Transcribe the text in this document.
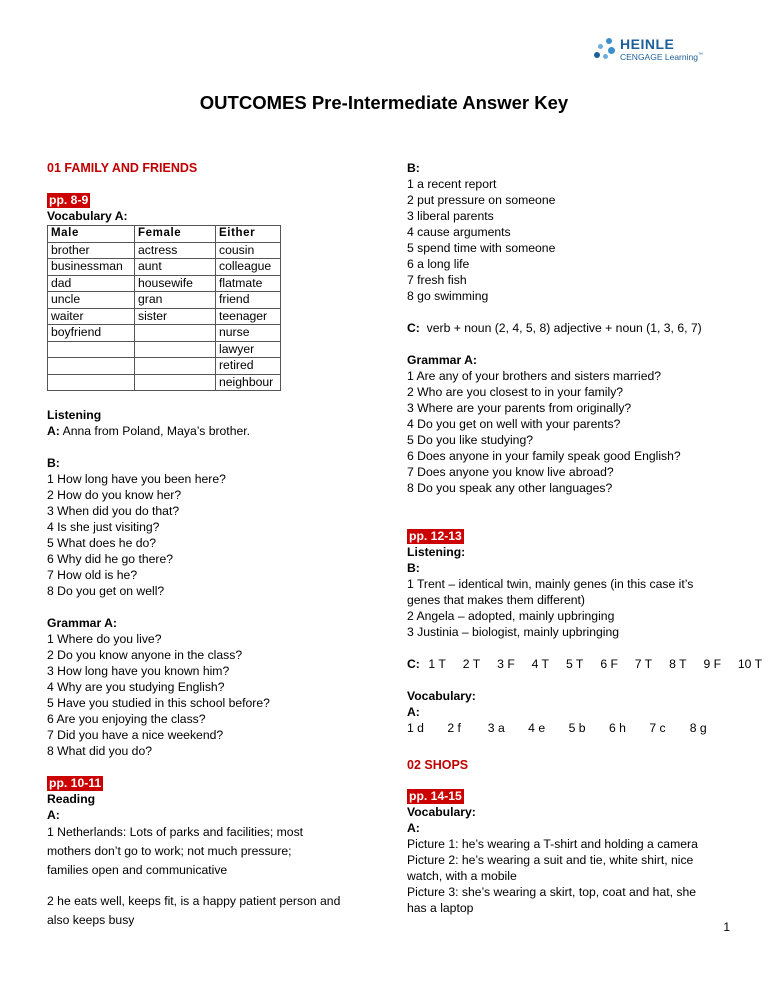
HEINLE
CENGAGE Learning™
OUTCOMES Pre-Intermediate Answer Key
01 FAMILY AND FRIENDS
pp. 8-9
Vocabulary A:
Male	Female	Either
brother	actress	cousin
businessman	aunt	colleague
dad	housewife	flatmate
uncle	gran	friend
waiter	sister	teenager
boyfriend		nurse
		lawyer
		retired
		neighbour
Listening
A: Anna from Poland, Maya’s brother.
B:
1 How long have you been here?
2 How do you know her?
3 When did you do that?
4 Is she just visiting?
5 What does he do?
6 Why did he go there?
7 How old is he?
8 Do you get on well?
Grammar A:
1 Where do you live?
2 Do you know anyone in the class?
3 How long have you known him?
4 Why are you studying English?
5 Have you studied in this school before?
6 Are you enjoying the class?
7 Did you have a nice weekend?
8 What did you do?
pp. 10-11
Reading
A:
1 Netherlands: Lots of parks and facilities; most
mothers don’t go to work; not much pressure;
families open and communicative
2 he eats well, keeps fit, is a happy patient person and
also keeps busy
B:
1 a recent report
2 put pressure on someone
3 liberal parents
4 cause arguments
5 spend time with someone
6 a long life
7 fresh fish
8 go swimming
C:  verb + noun (2, 4, 5, 8) adjective + noun (1, 3, 6, 7)
Grammar A:
1 Are any of your brothers and sisters married?
2 Who are you closest to in your family?
3 Where are your parents from originally?
4 Do you get on well with your parents?
5 Do you like studying?
6 Does anyone in your family speak good English?
7 Does anyone you know live abroad?
8 Do you speak any other languages?
pp. 12-13
Listening:
B:
1 Trent – identical twin, mainly genes (in this case it’s
genes that makes them different)
2 Angela – adopted, mainly upbringing
3 Justinia – biologist, mainly upbringing
C: 1 T 2 T 3 F 4 T 5 T 6 F 7 T 8 T 9 F 10 T
Vocabulary:
A:
1 d 2 f 3 a 4 e 5 b 6 h 7 c 8 g
02 SHOPS
pp. 14-15
Vocabulary:
A:
Picture 1: he’s wearing a T-shirt and holding a camera
Picture 2: he’s wearing a suit and tie, white shirt, nice
watch, with a mobile
Picture 3: she’s wearing a skirt, top, coat and hat, she
has a laptop
1
